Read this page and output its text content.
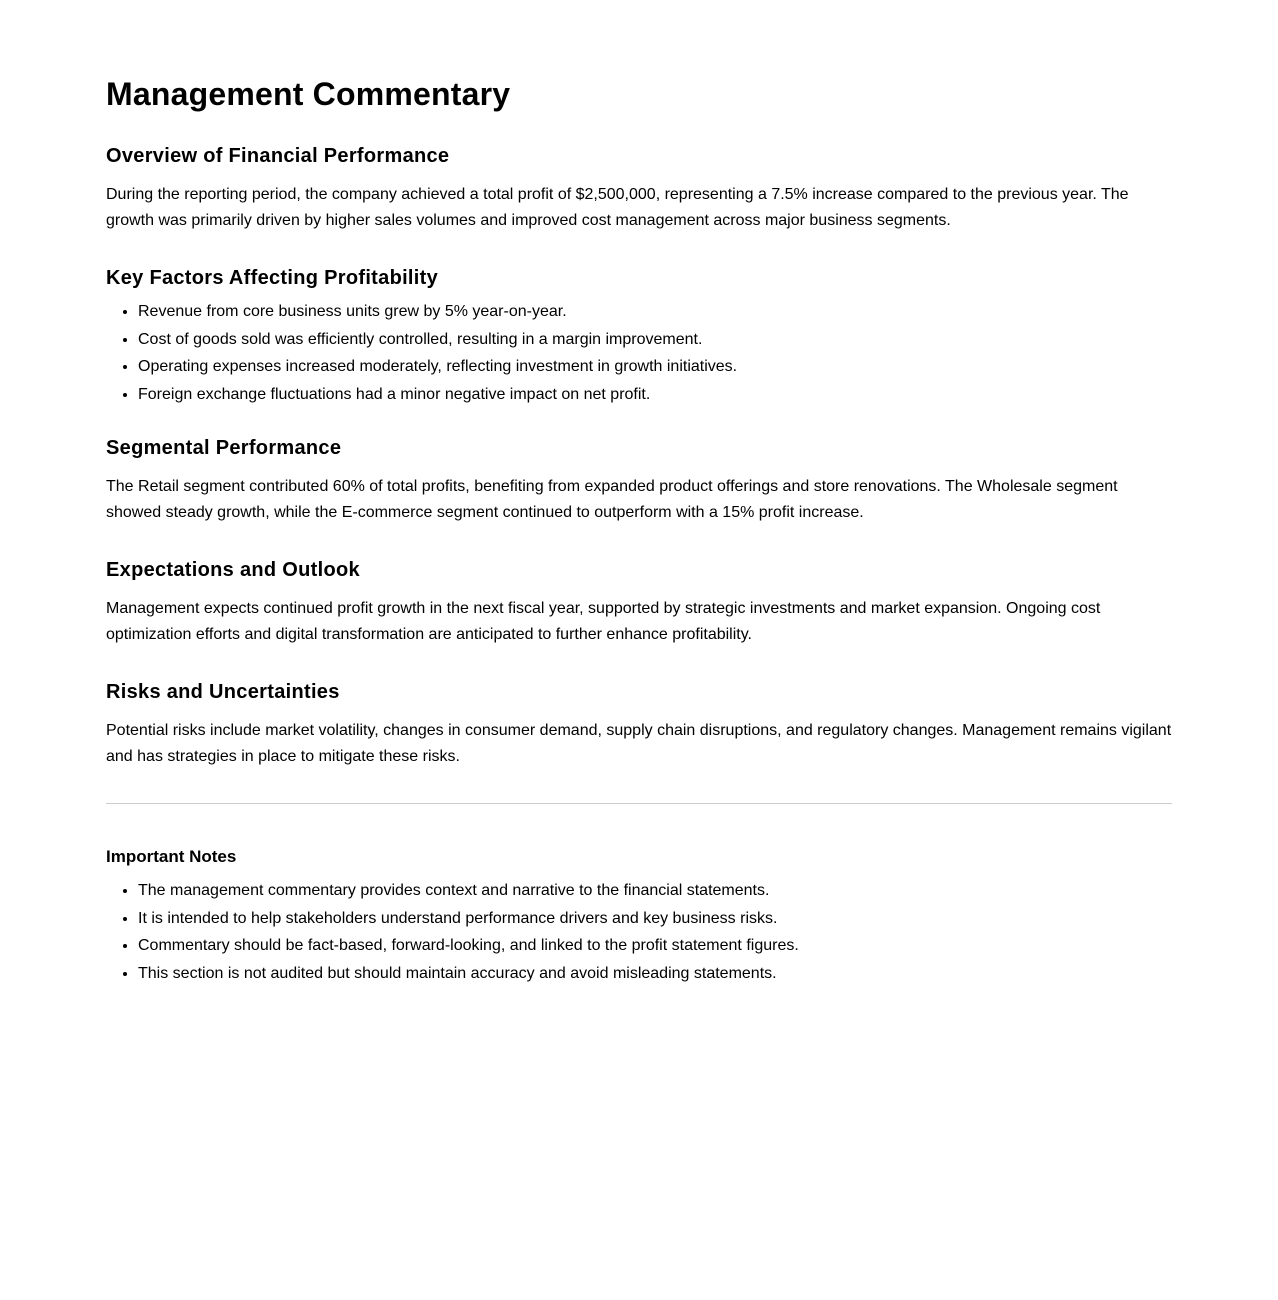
Management Commentary
Overview of Financial Performance

During the reporting period, the company achieved a total profit of $2,500,000, representing a 7.5% increase compared to the previous year. The growth was primarily driven by higher sales volumes and improved cost management across major business segments.

Key Factors Affecting Profitability
• Revenue from core business units grew by 5% year-on-year.
• Cost of goods sold was efficiently controlled, resulting in a margin improvement.
• Operating expenses increased moderately, reflecting investment in growth initiatives.
• Foreign exchange fluctuations had a minor negative impact on net profit.
Segmental Performance

The Retail segment contributed 60% of total profits, benefiting from expanded product offerings and store renovations. The Wholesale segment showed steady growth, while the E-commerce segment continued to outperform with a 15% profit increase.

Expectations and Outlook

Management expects continued profit growth in the next fiscal year, supported by strategic investments and market expansion. Ongoing cost optimization efforts and digital transformation are anticipated to further enhance profitability.

Risks and Uncertainties

Potential risks include market volatility, changes in consumer demand, supply chain disruptions, and regulatory changes. Management remains vigilant and has strategies in place to mitigate these risks.

Important Notes
• The management commentary provides context and narrative to the financial statements.
• It is intended to help stakeholders understand performance drivers and key business risks.
• Commentary should be fact-based, forward-looking, and linked to the profit statement figures.
• This section is not audited but should maintain accuracy and avoid misleading statements.
